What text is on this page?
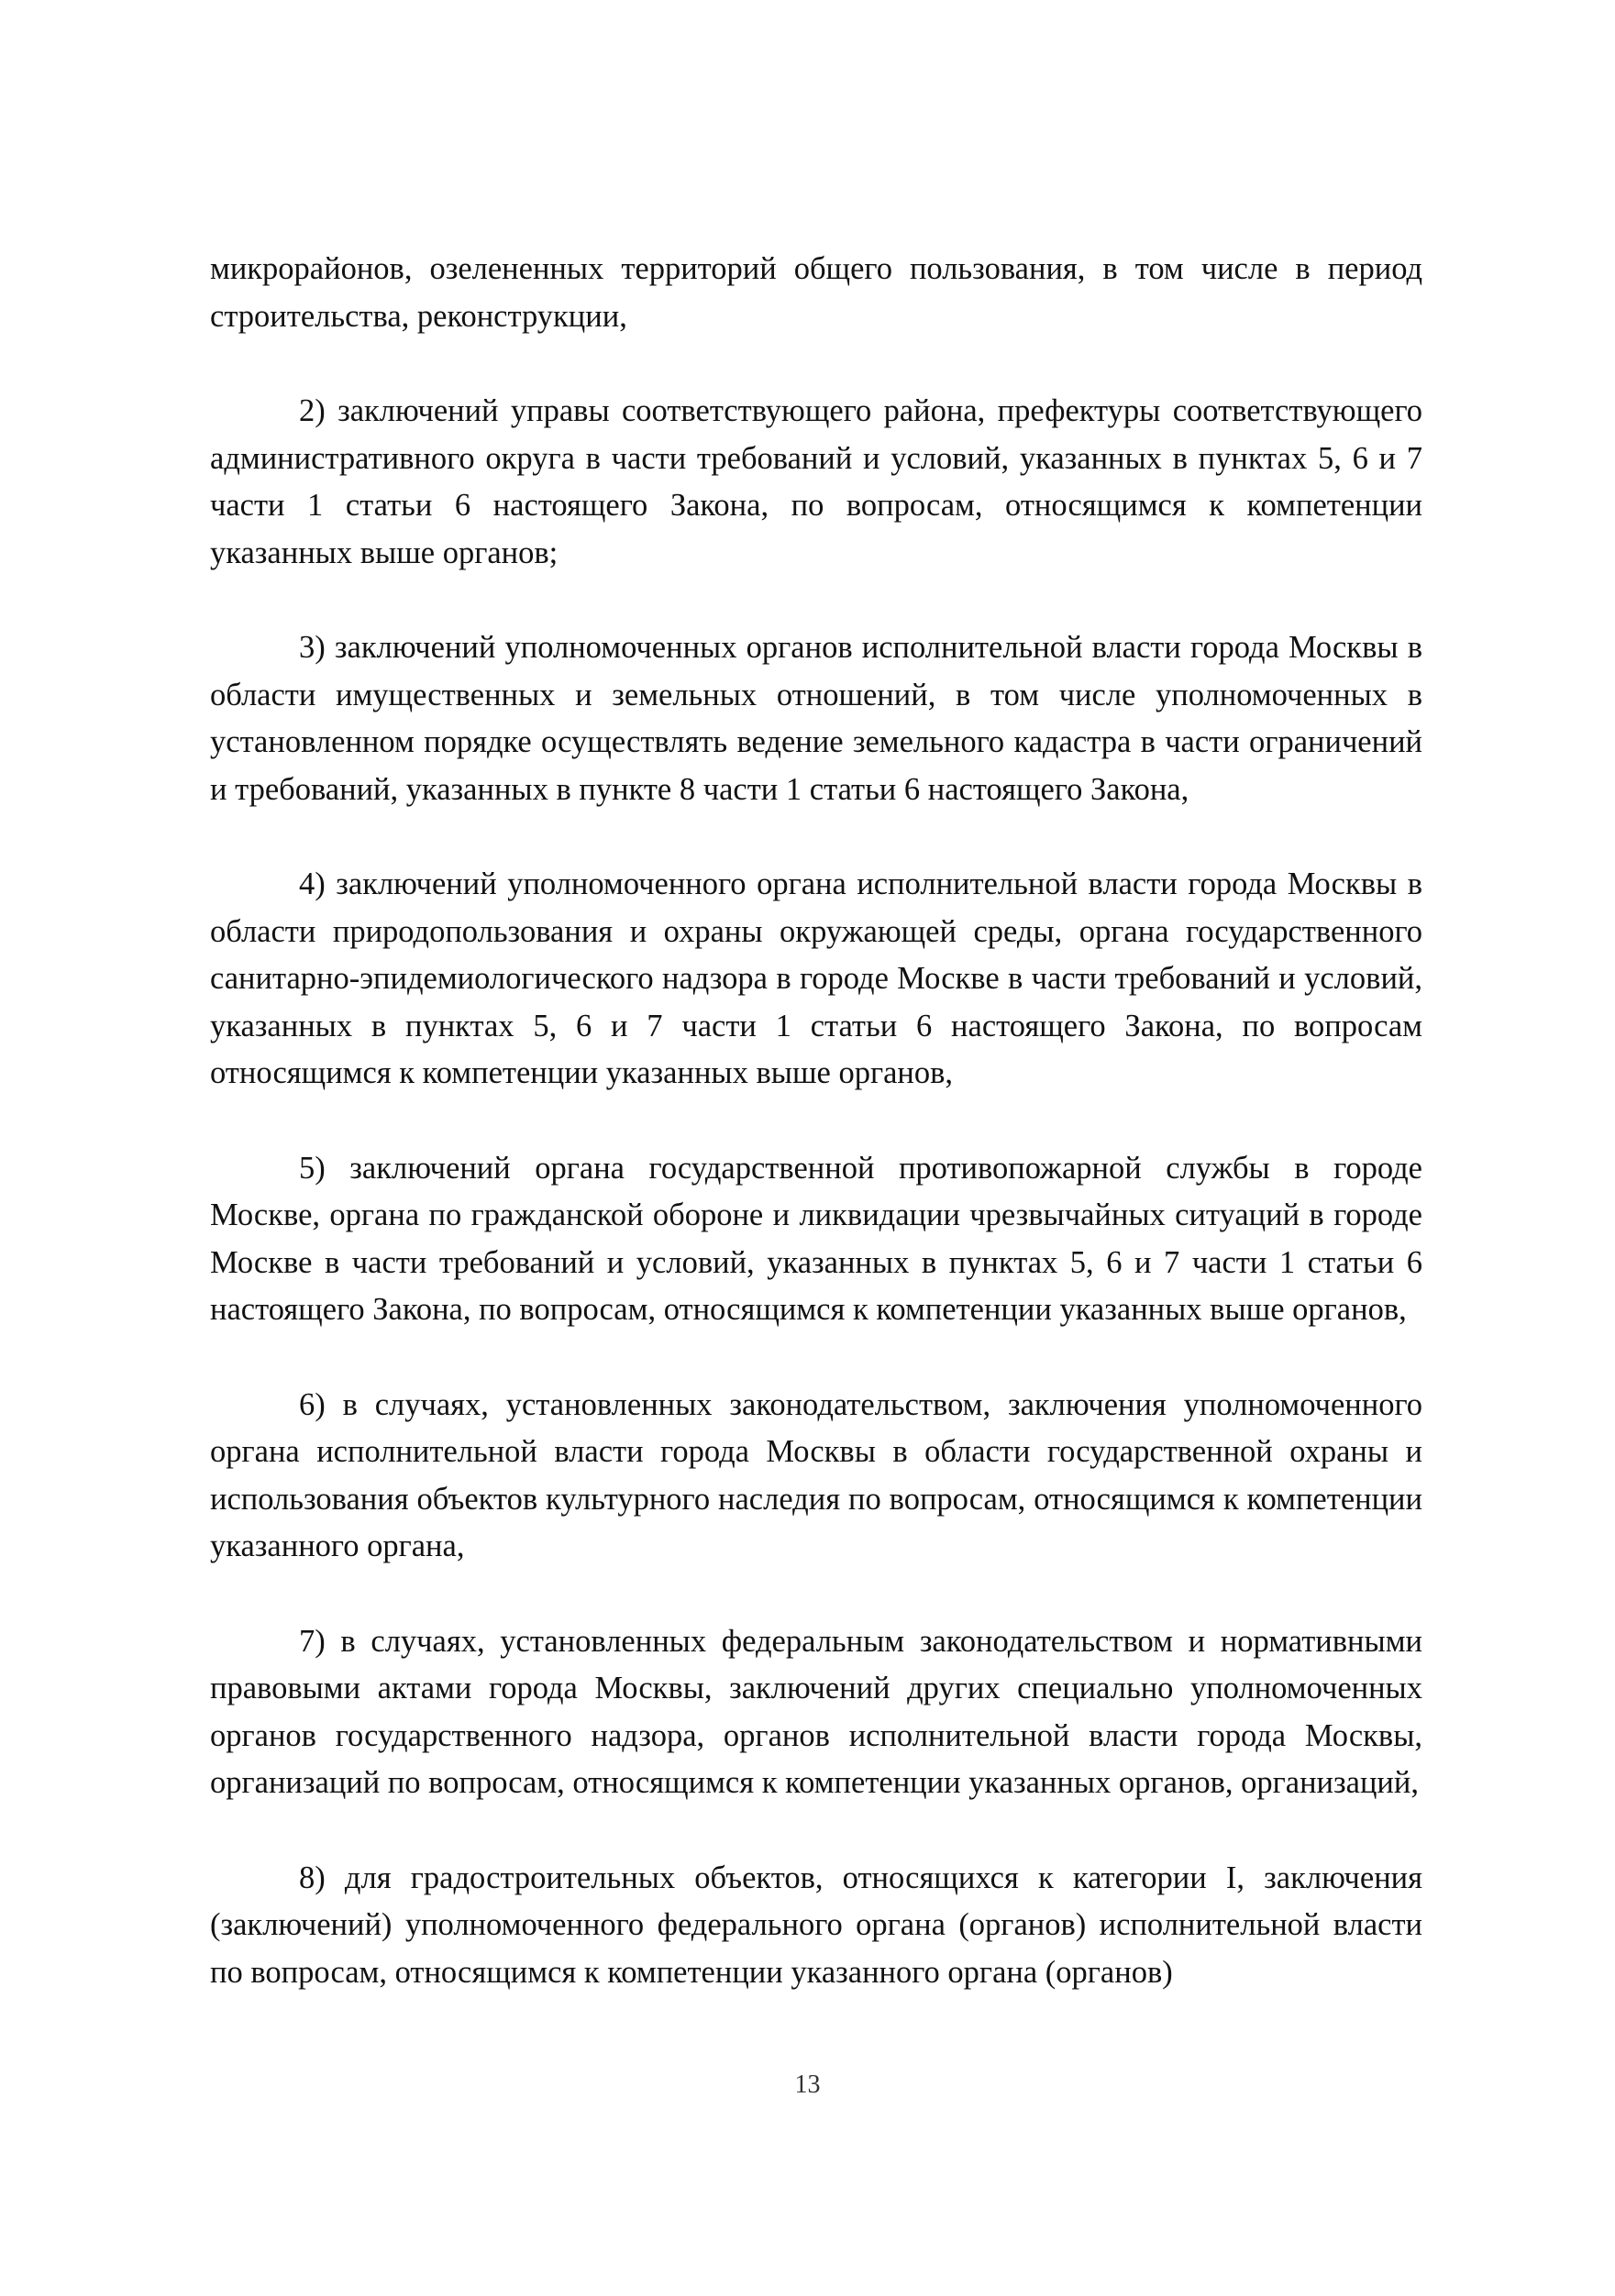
микрорайонов, озелененных территорий общего пользования, в том числе в период строительства, реконструкции,

2) заключений управы соответствующего района, префектуры соответствующего административного округа в части требований и условий, указанных в пунктах 5, 6 и 7 части 1 статьи 6 настоящего Закона, по вопросам, относящимся к компетенции указанных выше органов;

3) заключений уполномоченных органов исполнительной власти города Москвы в области имущественных и земельных отношений, в том числе уполномоченных в установленном порядке осуществлять ведение земельного кадастра в части ограничений и требований, указанных в пункте 8 части 1 статьи 6 настоящего Закона,

4) заключений уполномоченного органа исполнительной власти города Москвы в области природопользования и охраны окружающей среды, органа государственного санитарно-эпидемиологического надзора в городе Москве в части требований и условий, указанных в пунктах 5, 6 и 7 части 1 статьи 6 настоящего Закона, по вопросам относящимся к компетенции указанных выше органов,

5) заключений органа государственной противопожарной службы в городе Москве, органа по гражданской обороне и ликвидации чрезвычайных ситуаций в городе Москве в части требований и условий, указанных в пунктах 5, 6 и 7 части 1 статьи 6 настоящего Закона, по вопросам, относящимся к компетенции указанных выше органов,

6) в случаях, установленных законодательством, заключения уполномоченного органа исполнительной власти города Москвы в области государственной охраны и использования объектов культурного наследия по вопросам, относящимся к компетенции указанного органа,

7) в случаях, установленных федеральным законодательством и нормативными правовыми актами города Москвы, заключений других специально уполномоченных органов государственного надзора, органов исполнительной власти города Москвы, организаций по вопросам, относящимся к компетенции указанных органов, организаций,

8) для градостроительных объектов, относящихся к категории I, заключения (заключений) уполномоченного федерального органа (органов) исполнительной власти по вопросам, относящимся к компетенции указанного органа (органов)

13
